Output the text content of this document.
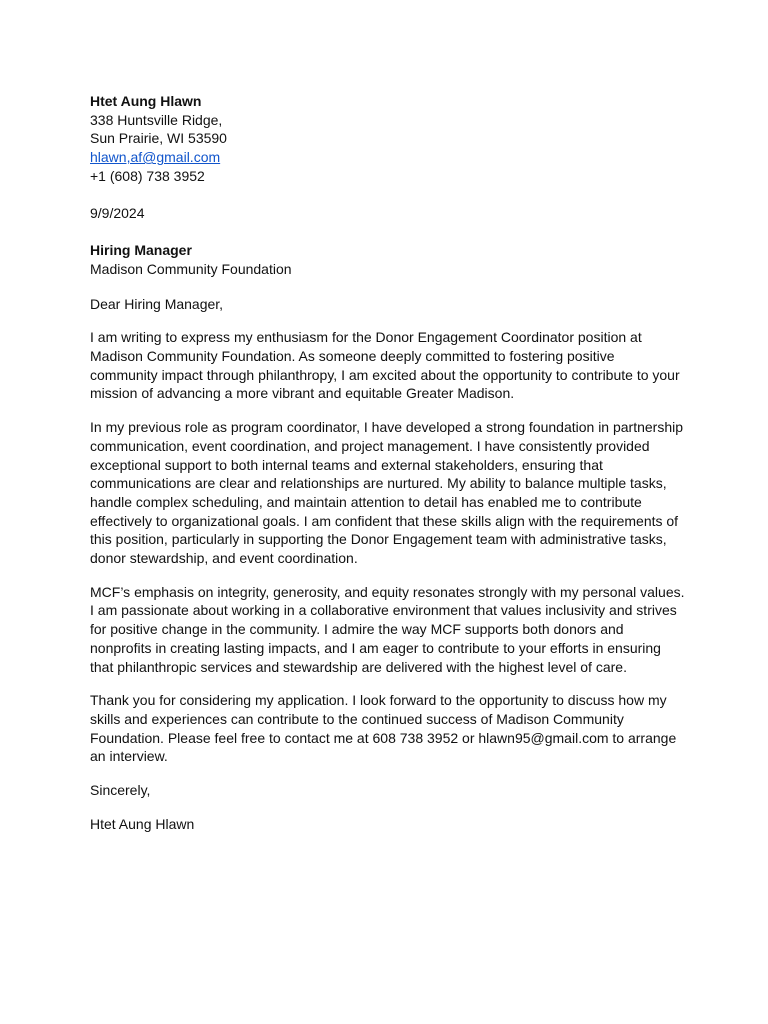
Htet Aung Hlawn
338 Huntsville Ridge,
Sun Prairie, WI 53590
hlawn,af@gmail.com
+1 (608) 738 3952
9/9/2024
Hiring Manager
Madison Community Foundation
Dear Hiring Manager,
I am writing to express my enthusiasm for the Donor Engagement Coordinator position at
Madison Community Foundation. As someone deeply committed to fostering positive
community impact through philanthropy, I am excited about the opportunity to contribute to your
mission of advancing a more vibrant and equitable Greater Madison.
In my previous role as program coordinator, I have developed a strong foundation in partnership
communication, event coordination, and project management. I have consistently provided
exceptional support to both internal teams and external stakeholders, ensuring that
communications are clear and relationships are nurtured. My ability to balance multiple tasks,
handle complex scheduling, and maintain attention to detail has enabled me to contribute
effectively to organizational goals. I am confident that these skills align with the requirements of
this position, particularly in supporting the Donor Engagement team with administrative tasks,
donor stewardship, and event coordination.
MCF’s emphasis on integrity, generosity, and equity resonates strongly with my personal values.
I am passionate about working in a collaborative environment that values inclusivity and strives
for positive change in the community. I admire the way MCF supports both donors and
nonprofits in creating lasting impacts, and I am eager to contribute to your efforts in ensuring
that philanthropic services and stewardship are delivered with the highest level of care.
Thank you for considering my application. I look forward to the opportunity to discuss how my
skills and experiences can contribute to the continued success of Madison Community
Foundation. Please feel free to contact me at 608 738 3952 or hlawn95@gmail.com to arrange
an interview.
Sincerely,
Htet Aung Hlawn
